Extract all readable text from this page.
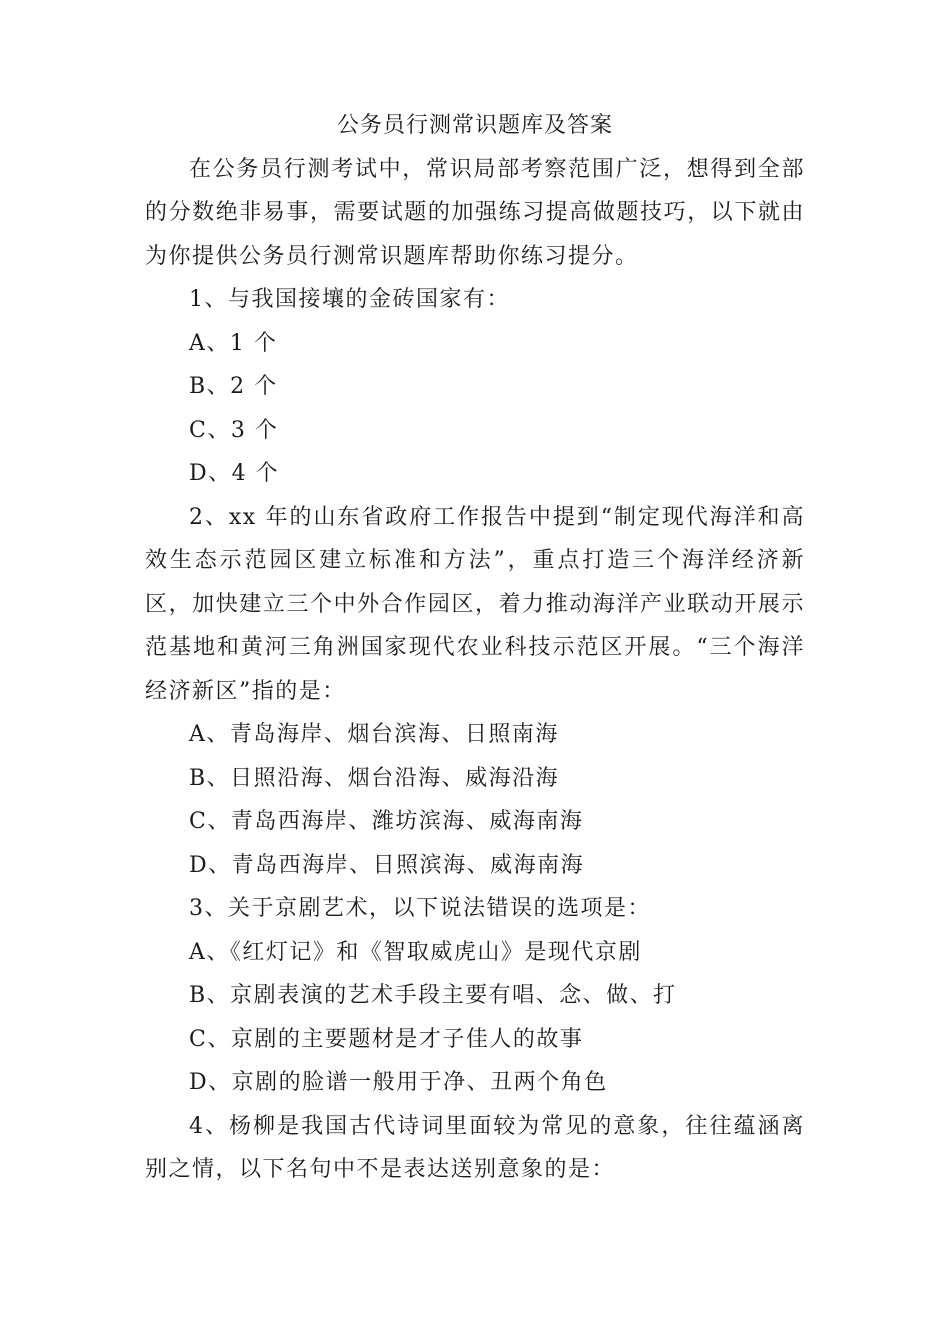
公务员行测常识题库及答案

在公务员行测考试中，常识局部考察范围广泛，想得到全部的分数绝非易事，需要试题的加强练习提高做题技巧，以下就由为你提供公务员行测常识题库帮助你练习提分。

1、与我国接壤的金砖国家有：

A、1 个

B、2 个

C、3 个

D、4 个

2、xx 年的山东省政府工作报告中提到“制定现代海洋和高效生态示范园区建立标准和方法”，重点打造三个海洋经济新区，加快建立三个中外合作园区，着力推动海洋产业联动开展示范基地和黄河三角洲国家现代农业科技示范区开展。“三个海洋经济新区”指的是：

A、青岛海岸、烟台滨海、日照南海

B、日照沿海、烟台沿海、威海沿海

C、青岛西海岸、潍坊滨海、威海南海

D、青岛西海岸、日照滨海、威海南海

3、关于京剧艺术，以下说法错误的选项是：

A、《红灯记》和《智取威虎山》是现代京剧

B、京剧表演的艺术手段主要有唱、念、做、打

C、京剧的主要题材是才子佳人的故事

D、京剧的脸谱一般用于净、丑两个角色

4、杨柳是我国古代诗词里面较为常见的意象，往往蕴涵离别之情，以下名句中不是表达送别意象的是：
